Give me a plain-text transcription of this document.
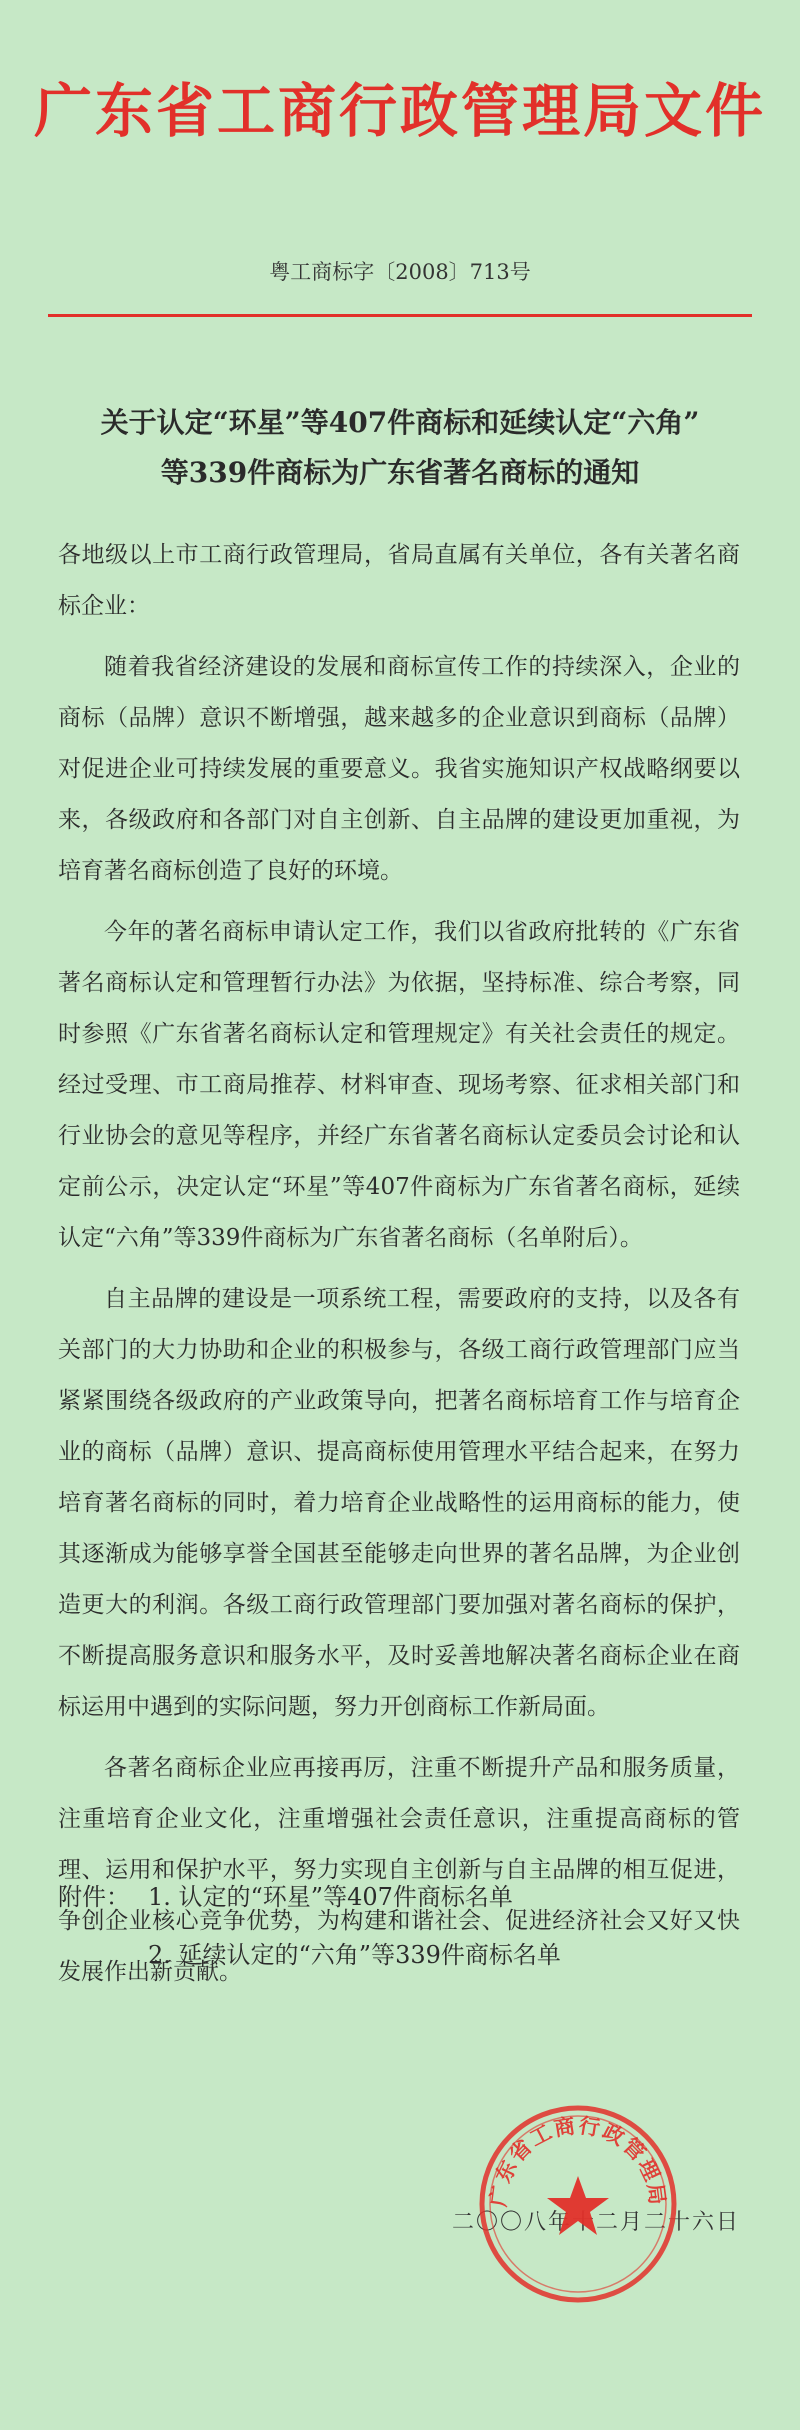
广东省工商行政管理局文件
粤工商标字〔2008〕713号
关于认定“环星”等407件商标和延续认定“六角”
等339件商标为广东省著名商标的通知

各地级以上市工商行政管理局，省局直属有关单位，各有关著名商标企业：

随着我省经济建设的发展和商标宣传工作的持续深入，企业的商标（品牌）意识不断增强，越来越多的企业意识到商标（品牌）对促进企业可持续发展的重要意义。我省实施知识产权战略纲要以来，各级政府和各部门对自主创新、自主品牌的建设更加重视，为培育著名商标创造了良好的环境。

今年的著名商标申请认定工作，我们以省政府批转的《广东省著名商标认定和管理暂行办法》为依据，坚持标准、综合考察，同时参照《广东省著名商标认定和管理规定》有关社会责任的规定。经过受理、市工商局推荐、材料审查、现场考察、征求相关部门和行业协会的意见等程序，并经广东省著名商标认定委员会讨论和认定前公示，决定认定“环星”等407件商标为广东省著名商标，延续认定“六角”等339件商标为广东省著名商标（名单附后）。

自主品牌的建设是一项系统工程，需要政府的支持，以及各有关部门的大力协助和企业的积极参与，各级工商行政管理部门应当紧紧围绕各级政府的产业政策导向，把著名商标培育工作与培育企业的商标（品牌）意识、提高商标使用管理水平结合起来，在努力培育著名商标的同时，着力培育企业战略性的运用商标的能力，使其逐渐成为能够享誉全国甚至能够走向世界的著名品牌，为企业创造更大的利润。各级工商行政管理部门要加强对著名商标的保护，不断提高服务意识和服务水平，及时妥善地解决著名商标企业在商标运用中遇到的实际问题，努力开创商标工作新局面。

各著名商标企业应再接再厉，注重不断提升产品和服务质量，注重培育企业文化，注重增强社会责任意识，注重提高商标的管理、运用和保护水平，努力实现自主创新与自主品牌的相互促进，争创企业核心竞争优势，为构建和谐社会、促进经济社会又好又快发展作出新贡献。

附件： 1. 认定的“环星”等407件商标名单
2. 延续认定的“六角”等339件商标名单
二〇〇八年十二月二十六日
广东省工商行政管理局
